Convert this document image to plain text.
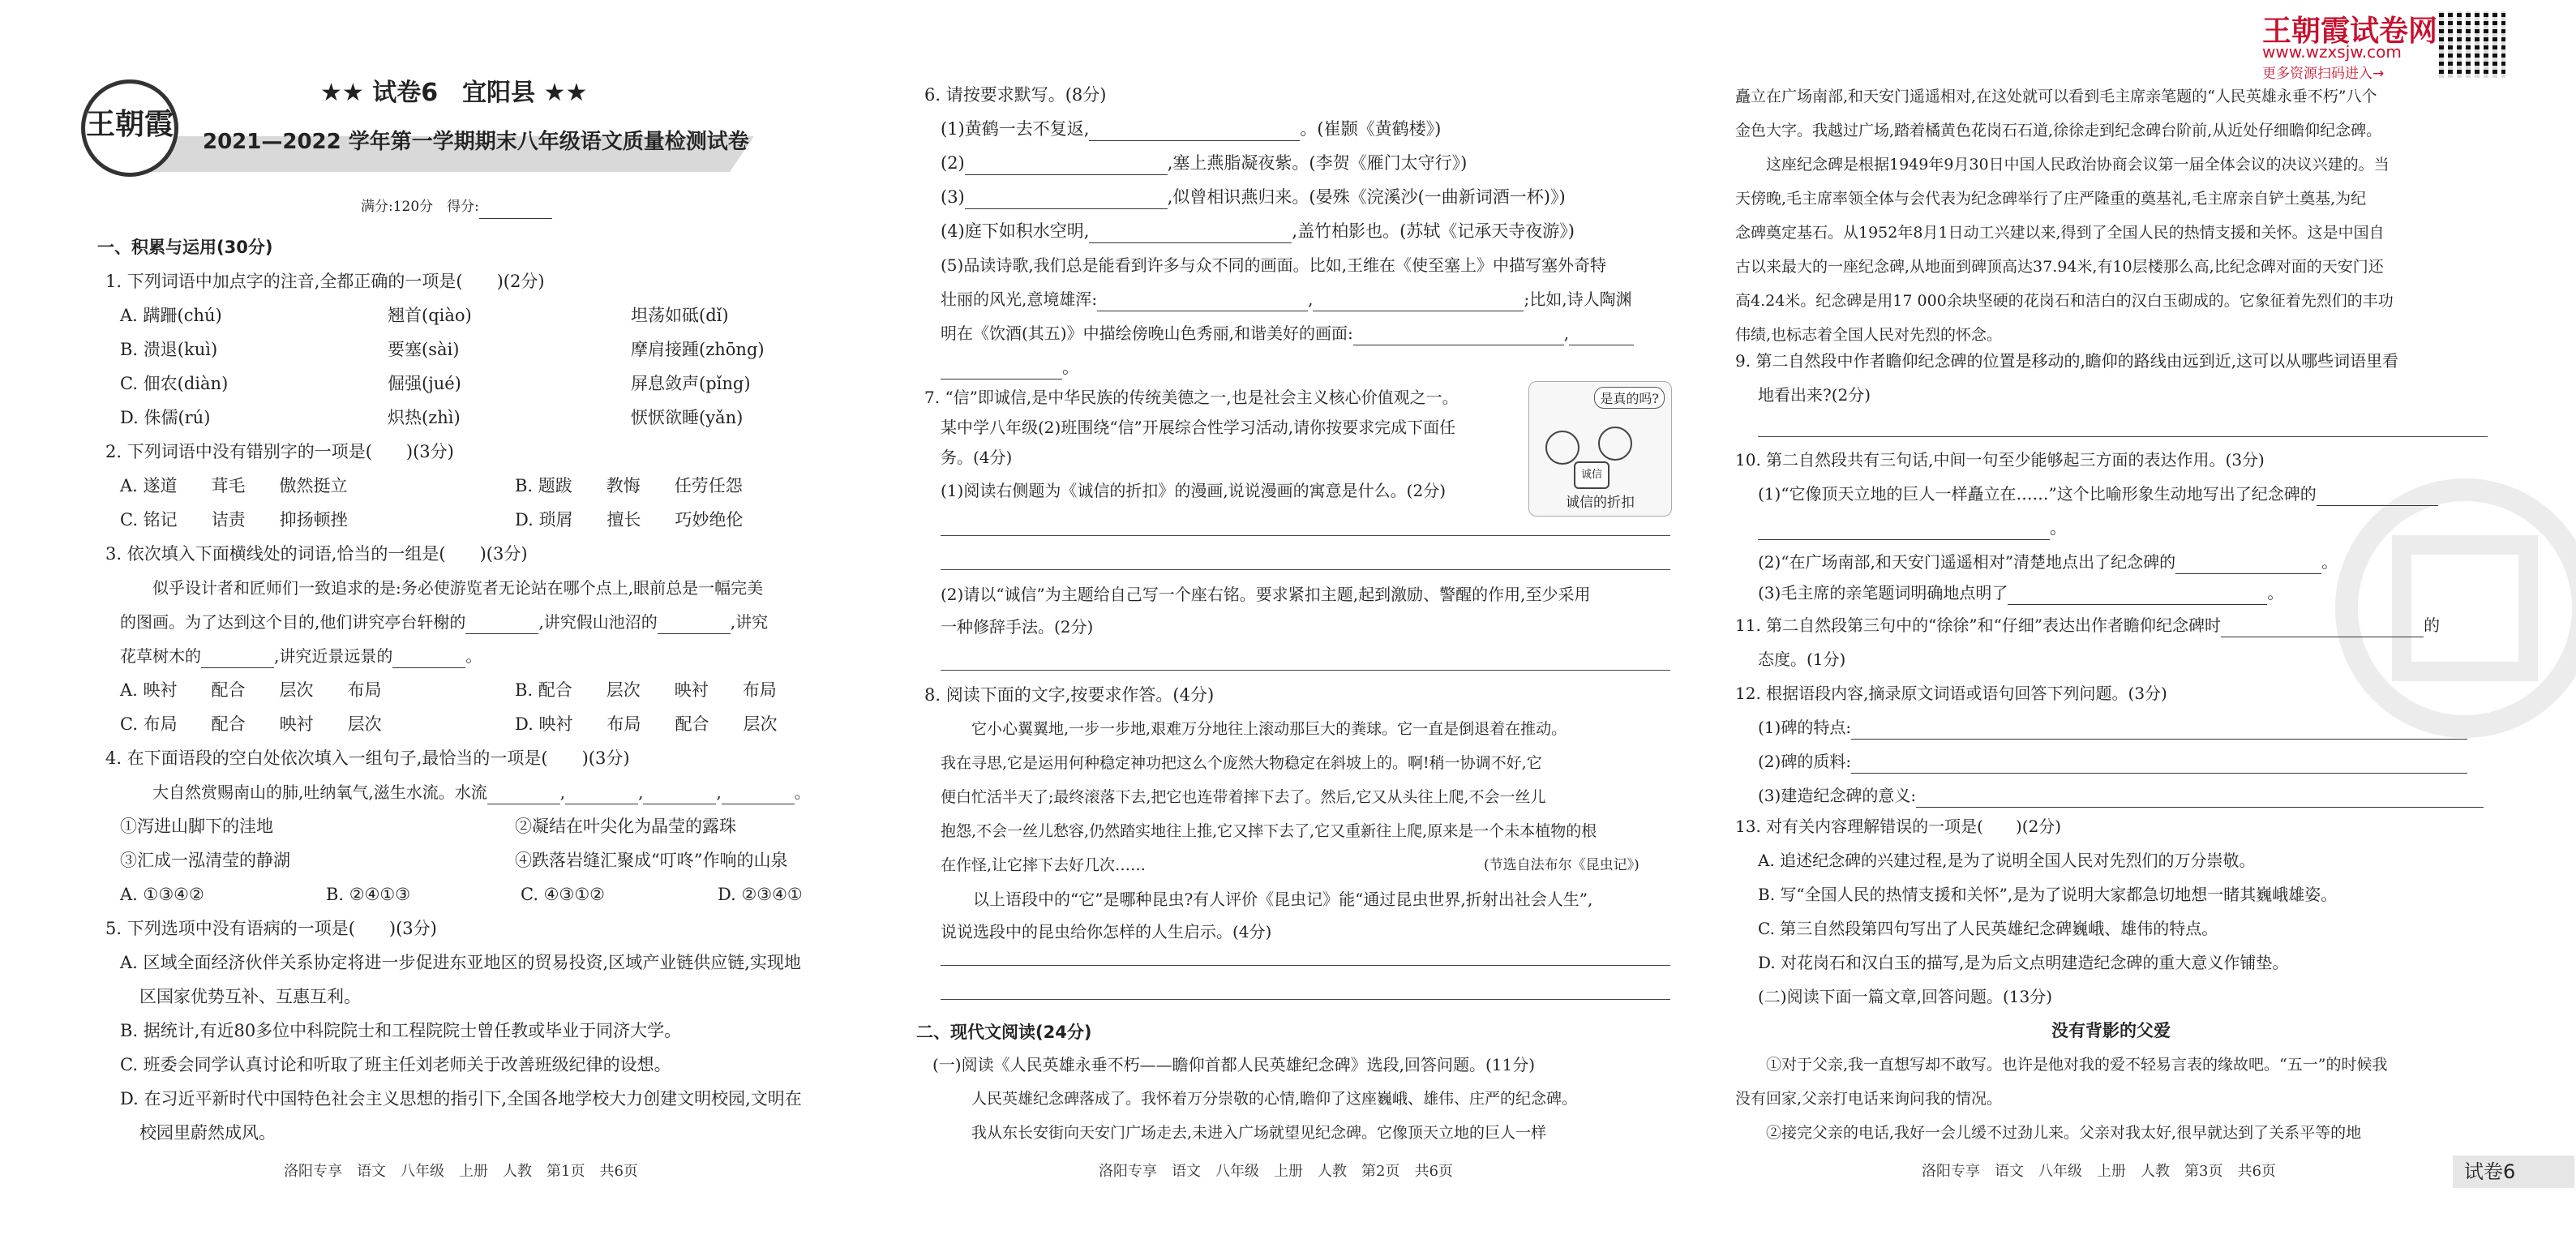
王朝霞
王朝霞试卷网
www.wzxsjw.com
更多资源扫码进入→
试卷6
★★ 试卷6　宜阳县 ★★
2021—2022 学年第一学期期末八年级语文质量检测试卷
满分:120分　得分:
一、积累与运用(30分)
1. 下列词语中加点字的注音,全都正确的一项是(　　)(2分)
A. 蹒跚(chú)	翘首(qiào)	坦荡如砥(dǐ)
B. 溃退(kuì)	要塞(sài)	摩肩接踵(zhōng)
C. 佃农(diàn)	倔强(jué)	屏息敛声(pǐng)
D. 侏儒(rú)	炽热(zhì)	恹恹欲睡(yǎn)
2. 下列词语中没有错别字的一项是(　　)(3分)
A. 遂道　　茸毛　　傲然挺立	B. 题跋　　教悔　　任劳任怨
C. 铭记　　诘责　　抑扬顿挫	D. 琐屑　　擅长　　巧妙绝伦
3. 依次填入下面横线处的词语,恰当的一组是(　　)(3分)
　　似乎设计者和匠师们一致追求的是:务必使游览者无论站在哪个点上,眼前总是一幅完美
的图画。为了达到这个目的,他们讲究亭台轩榭的	,讲究假山池沼的	,讲究
花草树木的	,讲究近景远景的	。
A. 映衬　　配合　　层次　　布局	B. 配合　　层次　　映衬　　布局
C. 布局　　配合　　映衬　　层次	D. 映衬　　布局　　配合　　层次
4. 在下面语段的空白处依次填入一组句子,最恰当的一项是(　　)(3分)
　　大自然赏赐南山的肺,吐纳氧气,滋生水流。水流	,	,	,	。
①泻进山脚下的洼地	②凝结在叶尖化为晶莹的露珠
③汇成一泓清莹的静湖	④跌落岩缝汇聚成“叮咚”作响的山泉
A. ①③④②	B. ②④①③	C. ④③①②	D. ②③④①
5. 下列选项中没有语病的一项是(　　)(3分)
A. 区域全面经济伙伴关系协定将进一步促进东亚地区的贸易投资,区域产业链供应链,实现地
区国家优势互补、互惠互利。
B. 据统计,有近80多位中科院院士和工程院院士曾任教或毕业于同济大学。
C. 班委会同学认真讨论和听取了班主任刘老师关于改善班级纪律的设想。
D. 在习近平新时代中国特色社会主义思想的指引下,全国各地学校大力创建文明校园,文明在
校园里蔚然成风。
洛阳专享　语文　八年级　上册　人教　第1页　共6页
6. 请按要求默写。(8分)
(1)黄鹤一去不复返,	。(崔颢《黄鹤楼》)
(2)	,塞上燕脂凝夜紫。(李贺《雁门太守行》)
(3)	,似曾相识燕归来。(晏殊《浣溪沙(一曲新词酒一杯)》)
(4)庭下如积水空明,	,盖竹柏影也。(苏轼《记承天寺夜游》)
(5)品读诗歌,我们总是能看到许多与众不同的画面。比如,王维在《使至塞上》中描写塞外奇特
壮丽的风光,意境雄浑:	,	;比如,诗人陶渊
明在《饮酒(其五)》中描绘傍晚山色秀丽,和谐美好的画面:	,
。
7. “信”即诚信,是中华民族的传统美德之一,也是社会主义核心价值观之一。
某中学八年级(2)班围绕“信”开展综合性学习活动,请你按要求完成下面任
务。(4分)
(1)阅读右侧题为《诚信的折扣》的漫画,说说漫画的寓意是什么。(2分)
(2)请以“诚信”为主题给自己写一个座右铭。要求紧扣主题,起到激励、警醒的作用,至少采用
一种修辞手法。(2分)
8. 阅读下面的文字,按要求作答。(4分)
　　它小心翼翼地,一步一步地,艰难万分地往上滚动那巨大的粪球。它一直是倒退着在推动。
我在寻思,它是运用何种稳定神功把这么个庞然大物稳定在斜坡上的。啊!稍一协调不好,它
便白忙活半天了;最终滚落下去,把它也连带着摔下去了。然后,它又从头往上爬,不会一丝儿
抱怨,不会一丝儿愁容,仍然踏实地往上推,它又摔下去了,它又重新往上爬,原来是一个未本植物的根
在作怪,让它摔下去好几次……	(节选自法布尔《昆虫记》)
　　以上语段中的“它”是哪种昆虫?有人评价《昆虫记》能“通过昆虫世界,折射出社会人生”,
说说选段中的昆虫给你怎样的人生启示。(4分)
二、现代文阅读(24分)
(一)阅读《人民英雄永垂不朽——瞻仰首都人民英雄纪念碑》选段,回答问题。(11分)
　　人民英雄纪念碑落成了。我怀着万分崇敬的心情,瞻仰了这座巍峨、雄伟、庄严的纪念碑。
　　我从东长安街向天安门广场走去,未进入广场就望见纪念碑。它像顶天立地的巨人一样
是真的吗?
诚信
诚信的折扣
洛阳专享　语文　八年级　上册　人教　第2页　共6页
矗立在广场南部,和天安门遥遥相对,在这处就可以看到毛主席亲笔题的“人民英雄永垂不朽”八个
金色大字。我越过广场,踏着橘黄色花岗石石道,徐徐走到纪念碑台阶前,从近处仔细瞻仰纪念碑。
　　这座纪念碑是根据1949年9月30日中国人民政治协商会议第一届全体会议的决议兴建的。当
天傍晚,毛主席率领全体与会代表为纪念碑举行了庄严隆重的奠基礼,毛主席亲自铲土奠基,为纪
念碑奠定基石。从1952年8月1日动工兴建以来,得到了全国人民的热情支援和关怀。这是中国自
古以来最大的一座纪念碑,从地面到碑顶高达37.94米,有10层楼那么高,比纪念碑对面的天安门还
高4.24米。纪念碑是用17 000余块坚硬的花岗石和洁白的汉白玉砌成的。它象征着先烈们的丰功
伟绩,也标志着全国人民对先烈的怀念。
9. 第二自然段中作者瞻仰纪念碑的位置是移动的,瞻仰的路线由远到近,这可以从哪些词语里看
地看出来?(2分)
10. 第二自然段共有三句话,中间一句至少能够起三方面的表达作用。(3分)
(1)“它像顶天立地的巨人一样矗立在……”这个比喻形象生动地写出了纪念碑的
。
(2)“在广场南部,和天安门遥遥相对”清楚地点出了纪念碑的	。
(3)毛主席的亲笔题词明确地点明了	。
11. 第二自然段第三句中的“徐徐”和“仔细”表达出作者瞻仰纪念碑时	的
态度。(1分)
12. 根据语段内容,摘录原文词语或语句回答下列问题。(3分)
(1)碑的特点:
(2)碑的质料:
(3)建造纪念碑的意义:
13. 对有关内容理解错误的一项是(　　)(2分)
A. 追述纪念碑的兴建过程,是为了说明全国人民对先烈们的万分崇敬。
B. 写“全国人民的热情支援和关怀”,是为了说明大家都急切地想一睹其巍峨雄姿。
C. 第三自然段第四句写出了人民英雄纪念碑巍峨、雄伟的特点。
D. 对花岗石和汉白玉的描写,是为后文点明建造纪念碑的重大意义作铺垫。
(二)阅读下面一篇文章,回答问题。(13分)
没有背影的父爱
　　①对于父亲,我一直想写却不敢写。也许是他对我的爱不轻易言表的缘故吧。“五一”的时候我
没有回家,父亲打电话来询问我的情况。
　　②接完父亲的电话,我好一会儿缓不过劲儿来。父亲对我太好,很早就达到了关系平等的地
洛阳专享　语文　八年级　上册　人教　第3页　共6页
